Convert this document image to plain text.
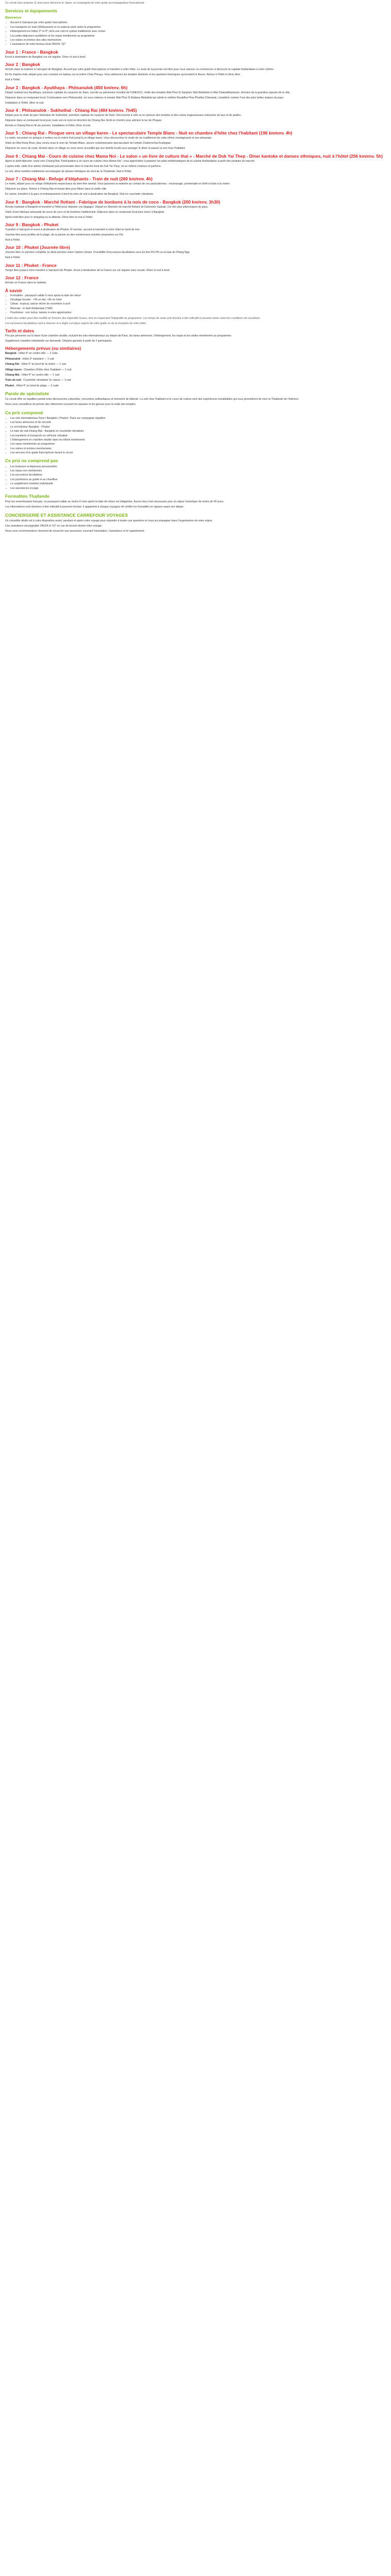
Ce circuit vous propose 11 jours pour découvrir le Japon, en compagnie de votre guide accompagnateur francophone.

Services et équipements
Bienvenue
• Accueil à l'aéroport par votre guide francophone
• Les transports en train (Shinkansen) et en autocar privé selon le programme
• Hébergement en hôtels 3* et 4*, dont une nuit en ryokan traditionnel avec onsen
• Les petits-déjeuners quotidiens et les repas mentionnés au programme
• Les visites et entrées des sites mentionnés
• L'assistance de notre bureau local 24h/24, 7j/7
Jour 1 : France - Bangkok

Envol à destination de Bangkok sur vol régulier. Dîner et nuit à bord.

Jour 2 : Bangkok

Arrivée dans la matinée à l'aéroport de Bangkok. Accueil par votre guide francophone et transfert à votre hôtel. Le reste de la journée est libre pour vous reposer ou commencer à découvrir la capitale thaïlandaise à votre rythme.

En fin d'après-midi, départ pour une croisière en bateau sur la rivière Chao Phraya. Vous admirerez les temples illuminés et les quartiers historiques qui bordent le fleuve. Retour à l'hôtel et dîner libre.

Nuit à l'hôtel.

Jour 3 : Bangkok - Ayutthaya - Phitsanulok (450 km/env. 6h)

Départ matinal vers Ayutthaya, ancienne capitale du royaume de Siam, inscrite au patrimoine mondial de l'UNESCO. Visite des temples Wat Phra Si Sanphet, Wat Mahathat et Wat Chaiwatthanaram, témoins de la grandeur passée de la ville.

Déjeuner dans un restaurant local. Continuation vers Phitsanulok, où vous visiterez le temple Wat Phra Si Rattana Mahathat qui abrite le célèbre Bouddha Phra Phuttha Chinnarat, considéré comme l'une des plus belles statues du pays.

Installation à l'hôtel, dîner et nuit.

Jour 4 : Phitsanulok - Sukhothaï - Chiang Rai (484 km/env. 7h45)

Départ pour la visite du parc historique de Sukhothaï, première capitale du royaume de Siam. Découverte à vélo ou en autocar des temples et des ruines majestueuses entourées de lacs et de jardins.

Déjeuner dans un restaurant local puis route vers le nord en direction de Chiang Rai. Arrêt en chemin pour admirer le lac de Phayao.

Arrivée à Chiang Rai en fin de journée, installation à l'hôtel, dîner et nuit.

Jour 5 : Chiang Rai - Pirogue vers un village karen - Le spectaculaire Temple Blanc - Nuit en chambre d'hôte chez l'habitant (196 km/env. 4h)

Le matin, excursion en pirogue à moteur sur la rivière Kok jusqu'à un village karen. Vous découvrirez le mode de vie traditionnel de cette ethnie montagnarde et ses artisanats.

Visite du Wat Rong Khun, plus connu sous le nom de Temple Blanc, œuvre contemporaine spectaculaire de l'artiste Chalermchai Kositpipat.

Déjeuner en cours de route. Arrivée dans un village où vous serez accueillis par une famille locale pour partager le dîner et passer la nuit chez l'habitant.

Jour 6 : Chiang Mai - Cours de cuisine chez Mama Noi - Le salon « un livre de culture thaï » - Marché de Dok Yai Thep - Dîner kantoke et danses ethniques, nuit à l'hôtel (256 km/env. 5h)

Après le petit-déjeuner, route vers Chiang Mai. Participation à un cours de cuisine chez Mama Noi : vous apprendrez à préparer les plats emblématiques de la cuisine thaïlandaise à partir des produits du marché.

L'après-midi, visite d'un atelier d'artisanat puis promenade dans le marché local de Dok Yai Thep, où se mêlent couleurs et parfums.

Le soir, dîner kantoke traditionnel accompagné de danses ethniques du nord de la Thaïlande. Nuit à l'hôtel.

Jour 7 : Chiang Mai - Refuge d'éléphants - Train de nuit (260 km/env. 4h)

Le matin, départ pour un refuge d'éléphants respectueux du bien-être animal. Vous passerez la matinée au contact de ces pachydermes : nourrissage, promenade en forêt et bain à la rivière.

Déjeuner sur place. Retour à Chiang Mai et temps libre pour flâner dans la vieille ville.

En soirée, transfert à la gare et embarquement à bord du train de nuit à destination de Bangkok. Nuit en couchette climatisée.

Jour 8 : Bangkok - Marché flottant - Fabrique de bonbons à la noix de coco - Bangkok (200 km/env. 3h30)

Arrivée matinale à Bangkok et transfert à l'hôtel pour déposer vos bagages. Départ en direction du marché flottant de Damnoen Saduak, l'un des plus pittoresques du pays.

Visite d'une fabrique artisanale de sucre de coco et de bonbons traditionnels. Déjeuner dans un restaurant local puis retour à Bangkok.

Après-midi libre pour le shopping ou la détente. Dîner libre et nuit à l'hôtel.

Jour 9 : Bangkok - Phuket

Transfert à l'aéroport et envol à destination de Phuket. À l'arrivée, accueil et transfert à votre hôtel en bord de mer.

Journée libre pour profiter de la plage, de la piscine ou des nombreuses activités proposées sur l'île.

Nuit à l'hôtel.

Jour 10 : Phuket (Journée libre)

Journée libre en pension complète ou demi-pension selon l'option choisie. Possibilité d'excursions facultatives vers les îles Phi Phi ou la baie de Phang Nga.

Nuit à l'hôtel.

Jour 11 : Phuket - France

Temps libre jusqu'à votre transfert à l'aéroport de Phuket. Envol à destination de la France sur vol régulier avec escale. Dîner et nuit à bord.

Jour 12 : France

Arrivée en France dans la matinée.

À savoir
• Formalités : passeport valide 6 mois après la date de retour
• Décalage horaire : +5h en été, +6h en hiver
• Climat : tropical, saison sèche de novembre à avril
• Monnaie : le baht thaïlandais (THB)
• Pourboires : non inclus, laissés à votre appréciation

L'ordre des visites peut être modifié en fonction des impératifs locaux, tout en respectant l'intégralité du programme. Les temps de route sont donnés à titre indicatif et peuvent varier selon les conditions de circulation.

Les excursions facultatives sont à réserver et à régler sur place auprès de votre guide ou de la réception de votre hôtel.

Tarifs et dates

Prix par personne sur la base d'une chambre double, incluant les vols internationaux au départ de Paris, les taxes aériennes, l'hébergement, les repas et les visites mentionnés au programme.

Supplément chambre individuelle sur demande. Départs garantis à partir de 2 participants.

Hébergements prévus (ou similaires)
Bangkok : Hôtel 4* en centre-ville — 2 nuits
Phitsanulok : Hôtel 3* standard — 1 nuit
Chiang Rai : Hôtel 4* au bord de la rivière — 1 nuit
Village karen : Chambre d'hôte chez l'habitant — 1 nuit
Chiang Mai : Hôtel 4* en centre-ville — 1 nuit
Train de nuit : Couchette climatisée 2e classe — 1 nuit
Phuket : Hôtel 4* en bord de plage — 2 nuits
Parole de spécialiste

Ce circuit offre un équilibre parfait entre découvertes culturelles, rencontres authentiques et moments de détente. La nuit chez l'habitant et le cours de cuisine sont des expériences inoubliables qui vous permettront de vivre la Thaïlande de l'intérieur.

Nous vous conseillons de prévoir des vêtements couvrant les épaules et les genoux pour la visite des temples.

Ce prix comprend
• Les vols internationaux Paris / Bangkok / Phuket / Paris sur compagnie régulière
• Les taxes aériennes et de sécurité
• Le vol intérieur Bangkok - Phuket
• Le train de nuit Chiang Mai - Bangkok en couchette climatisée
• Les transferts et transports en véhicule climatisé
• L'hébergement en chambre double dans les hôtels mentionnés
• Les repas mentionnés au programme
• Les visites et entrées mentionnées
• Les services d'un guide francophone durant le circuit
Ce prix ne comprend pas
• Les boissons et dépenses personnelles
• Les repas non mentionnés
• Les excursions facultatives
• Les pourboires au guide et au chauffeur
• Le supplément chambre individuelle
• Les assurances voyage
Formalités Thaïlande

Pour les ressortissants français, un passeport valide au moins 6 mois après la date de retour est obligatoire. Aucun visa n'est nécessaire pour un séjour touristique de moins de 30 jours.

Les informations sont données à titre indicatif et peuvent évoluer. Il appartient à chaque voyageur de vérifier les formalités en vigueur avant son départ.

CONCIERGERIE ET ASSISTANCE CARREFOUR VOYAGES

Un conseiller dédié est à votre disposition avant, pendant et après votre voyage pour répondre à toutes vos questions et vous accompagner dans l'organisation de votre séjour.

Une assistance est joignable 24h/24 et 7j/7 en cas de besoin durant votre voyage.

Nous vous recommandons vivement de souscrire une assurance couvrant l'annulation, l'assistance et le rapatriement.
